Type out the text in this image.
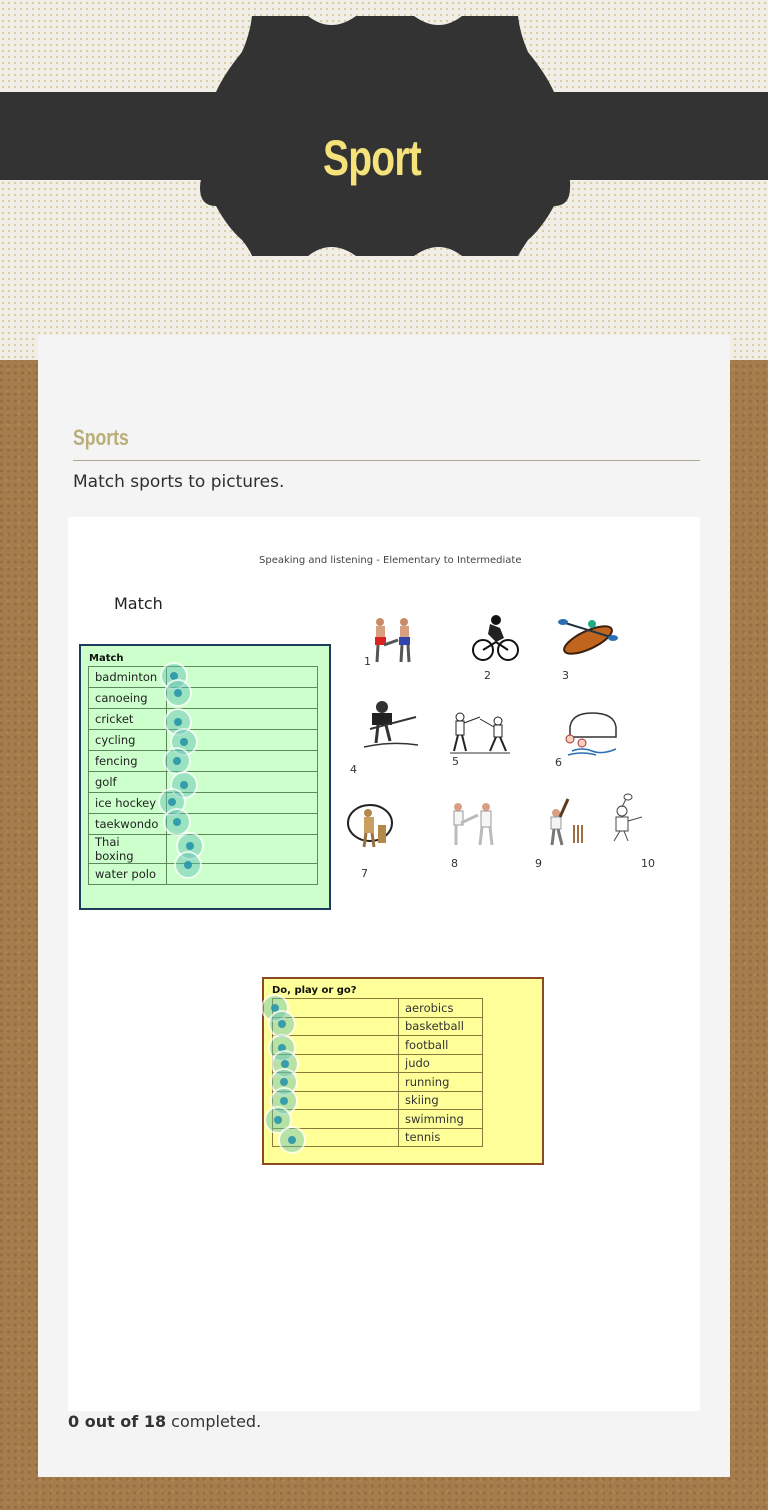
Sport
Sports
Match sports to pictures.
Speaking and listening - Elementary to Intermediate
Match
Match
badminton	
canoeing	
cricket	
cycling	
fencing	
golf	
ice hockey	
taekwondo	
Thai boxing	
water polo	
1
2	3
4
5	6
7
8	9	10
Do, play or go?
	aerobics
	basketball
	football
	judo
	running
	skiing
	swimming
	tennis
0 out of 18 completed.
